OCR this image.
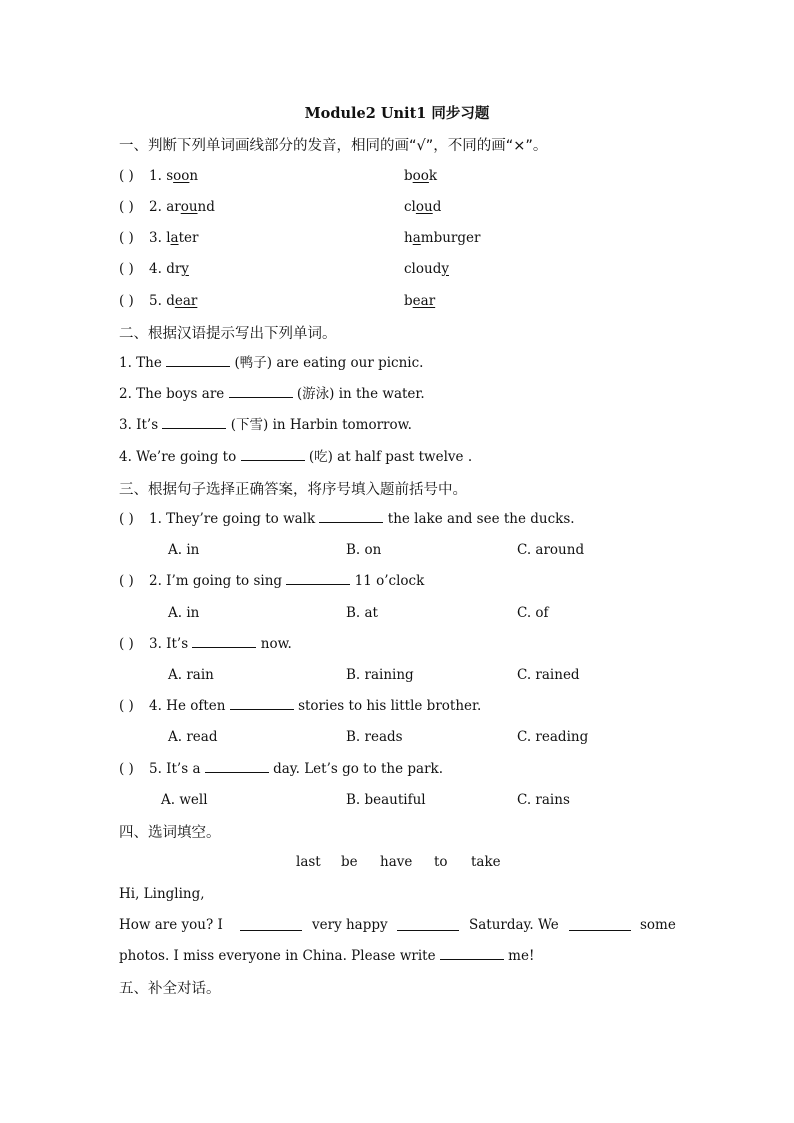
Module2 Unit1 同步习题
一、判断下列单词画线部分的发音，相同的画“√”，不同的画“×”。
( ) 1. soon	book
( ) 2. around	cloud
( ) 3. later	hamburger
( ) 4. dry	cloudy
( ) 5. dear	bear
二、根据汉语提示写出下列单词。
1. The	(鸭子) are eating our picnic.
2. The boys are	(游泳) in the water.
3. It’s	(下雪) in Harbin tomorrow.
4. We’re going to	(吃) at half past twelve .
三、根据句子选择正确答案，将序号填入题前括号中。
( ) 1. They’re going to walk	the lake and see the ducks.
A. in	B. on	C. around
( ) 2. I’m going to sing	11 o’clock
A. in	B. at	C. of
( ) 3. It’s	now.
A. rain	B. raining	C. rained
( ) 4. He often	stories to his little brother.
A. read	B. reads	C. reading
( ) 5. It’s a	day. Let’s go to the park.
A. well	B. beautiful	C. rains
四、选词填空。
last be have to take
Hi, Lingling,
How are you? I	very happy	Saturday. We	some
photos. I miss everyone in China. Please write	me!
五、补全对话。
